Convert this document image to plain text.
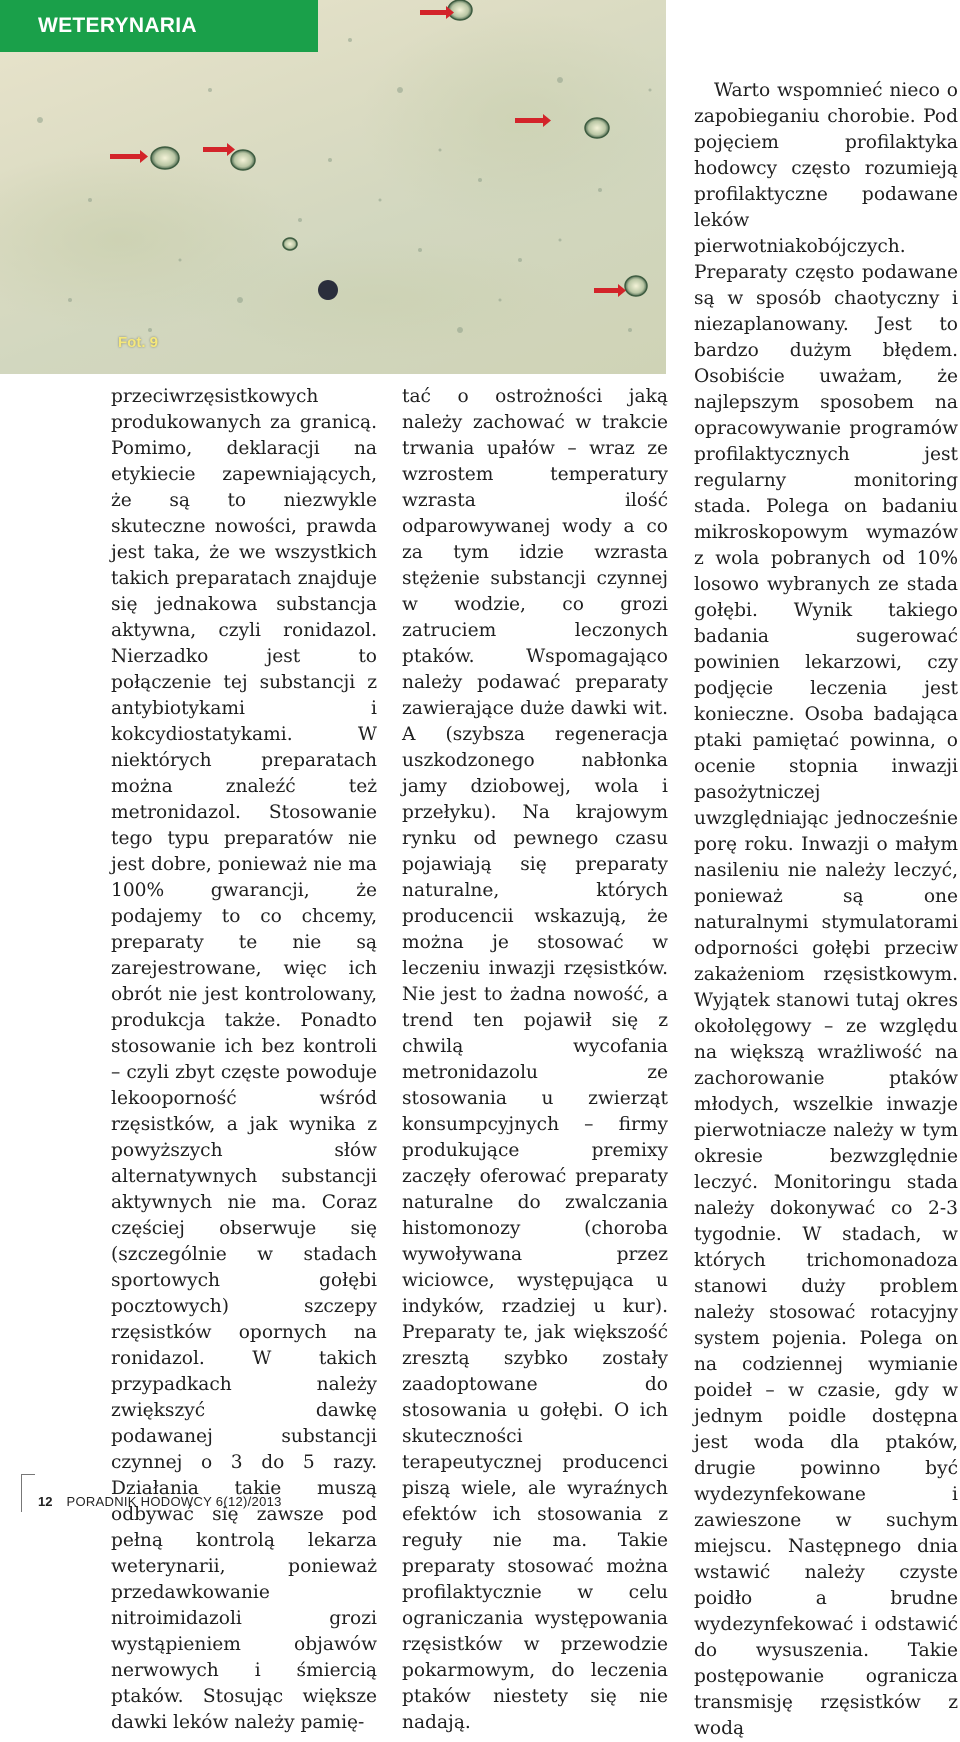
Fot. 9
WETERYNARIA

przeciwrzęsistkowych produkowanych za granicą. Pomimo, deklaracji na etykiecie zapewniających, że są to niezwykle skuteczne nowości, prawda jest taka, że we wszystkich takich preparatach znajduje się jednakowa substancja aktywna, czyli ronidazol. Nierzadko jest to połączenie tej substancji z antybiotykami i kokcydiostatykami. W niektórych preparatach można znaleźć też metronidazol. Stosowanie tego typu preparatów nie jest dobre, ponieważ nie ma 100% gwarancji, że podajemy to co chcemy, preparaty te nie są zarejestrowane, więc ich obrót nie jest kontrolowany, produkcja także. Ponadto stosowanie ich bez kontroli – czyli zbyt częste powoduje lekooporność wśród rzęsistków, a jak wynika z powyższych słów alternatywnych substancji aktywnych nie ma. Coraz częściej obserwuje się (szczególnie w stadach sportowych gołębi pocztowych) szczepy rzęsistków opornych na ronidazol. W takich przypadkach należy zwiększyć dawkę podawanej substancji czynnej o 3 do 5 razy. Działania takie muszą odbywać się zawsze pod pełną kontrolą lekarza weterynarii, ponieważ przedawkowanie nitroimidazoli grozi wystąpieniem objawów nerwowych i śmiercią ptaków. Stosując większe dawki leków należy pamię-

tać o ostrożności jaką należy zachować w trakcie trwania upałów – wraz ze wzrostem temperatury wzrasta ilość odparowywanej wody a co za tym idzie wzrasta stężenie substancji czynnej w wodzie, co grozi zatruciem leczonych ptaków. Wspomagająco należy podawać preparaty zawierające duże dawki wit. A (szybsza regeneracja uszkodzonego nabłonka jamy dziobowej, wola i przełyku). Na krajowym rynku od pewnego czasu pojawiają się preparaty naturalne, których producencii wskazują, że można je stosować w leczeniu inwazji rzęsistków. Nie jest to żadna nowość, a trend ten pojawił się z chwilą wycofania metronidazolu ze stosowania u zwierząt konsumpcyjnych – firmy produkujące premixy zaczęły oferować preparaty naturalne do zwalczania histomonozy (choroba wywoływana przez wiciowce, występująca u indyków, rzadziej u kur). Preparaty te, jak większość zresztą szybko zostały zaadoptowane do stosowania u gołębi. O ich skuteczności terapeutycznej producenci piszą wiele, ale wyraźnych efektów ich stosowania z reguły nie ma. Takie preparaty stosować można profilaktycznie w celu ograniczania występowania rzęsistków w przewodzie pokarmowym, do leczenia ptaków niestety się nie nadają.

Warto wspomnieć nieco o zapobieganiu chorobie. Pod pojęciem profilaktyka hodowcy często rozumieją profilaktyczne podawane leków pierwotniakobójczych. Preparaty często podawane są w sposób chaotyczny i niezaplanowany. Jest to bardzo dużym błędem. Osobiście uważam, że najlepszym sposobem na opracowywanie programów profilaktycznych jest regularny monitoring stada. Polega on badaniu mikroskopowym wymazów z wola pobranych od 10% losowo wybranych ze stada gołębi. Wynik takiego badania sugerować powinien lekarzowi, czy podjęcie leczenia jest konieczne. Osoba badająca ptaki pamiętać powinna, o ocenie stopnia inwazji pasożytniczej uwzględniając jednocześnie porę roku. Inwazji o małym nasileniu nie należy leczyć, ponieważ są one naturalnymi stymulatorami odporności gołębi przeciw zakażeniom rzęsistkowym. Wyjątek stanowi tutaj okres okołolęgowy – ze względu na większą wrażliwość na zachorowanie ptaków młodych, wszelkie inwazje pierwotniacze należy w tym okresie bezwzględnie leczyć. Monitoringu stada należy dokonywać co 2-3 tygodnie. W stadach, w których trichomonadoza stanowi duży problem należy stosować rotacyjny system pojenia. Polega on na codziennej wymianie poideł – w czasie, gdy w jednym poidle dostępna jest woda dla ptaków, drugie powinno być wydezynfekowane i zawieszone w suchym miejscu. Następnego dnia wstawić należy czyste poidło a brudne wydezynfekować i odstawić do wysuszenia. Takie postępowanie ogranicza transmisję rzęsistków z wodą

12 PORADNIK HODOWCY 6(12)/2013
